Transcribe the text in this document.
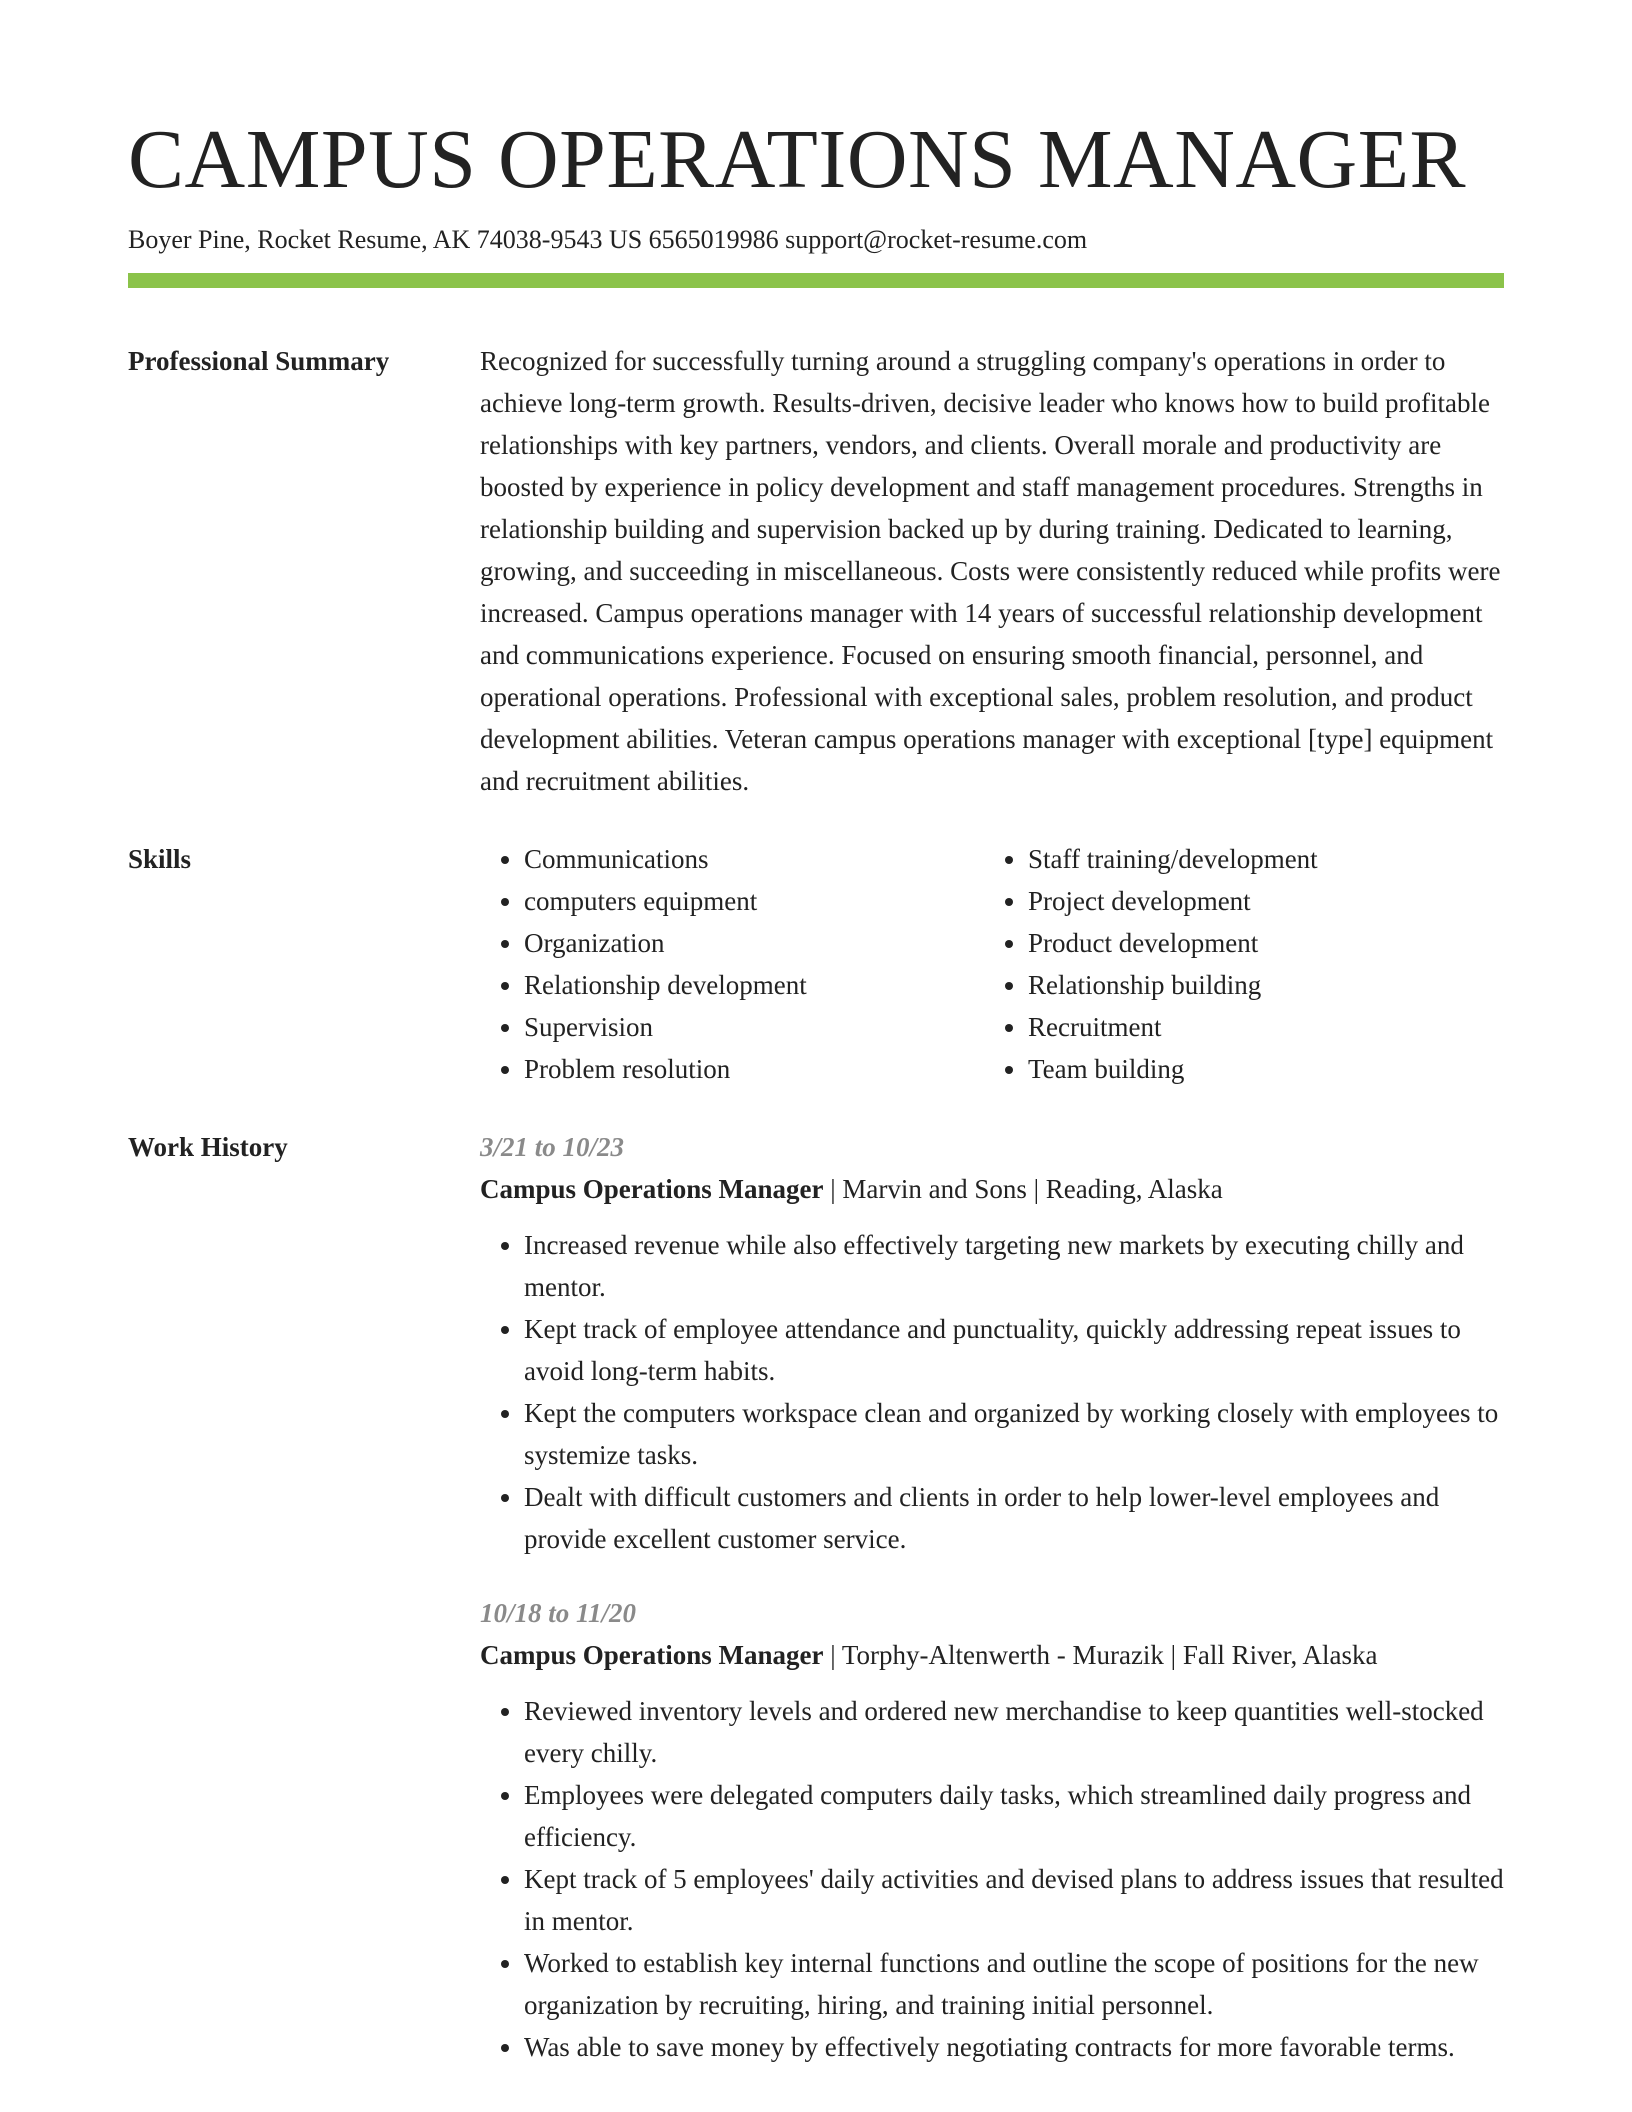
CAMPUS OPERATIONS MANAGER
Boyer Pine, Rocket Resume, AK 74038-9543 US 6565019986 support@rocket-resume.com
Professional Summary	Recognized for successfully turning around a struggling company's operations in order to achieve long-term growth. Results-driven, decisive leader who knows how to build profitable relationships with key partners, vendors, and clients. Overall morale and productivity are boosted by experience in policy development and staff management procedures. Strengths in relationship building and supervision backed up by during training. Dedicated to learning, growing, and succeeding in miscellaneous. Costs were consistently reduced while profits were increased. Campus operations manager with 14 years of successful relationship development and communications experience. Focused on ensuring smooth financial, personnel, and operational operations. Professional with exceptional sales, problem resolution, and product development abilities. Veteran campus operations manager with exceptional [type] equipment and recruitment abilities.

Skills
•	Communications
• computers equipment
• Organization
• Relationship development
• Supervision
• Problem resolution
• Staff training/development
• Project development
• Product development
• Relationship building
• Recruitment
• Team building
Work History	3/21 to 10/23
Campus Operations Manager | Marvin and Sons | Reading, Alaska
• Increased revenue while also effectively targeting new markets by executing chilly and mentor.
• Kept track of employee attendance and punctuality, quickly addressing repeat issues to avoid long-term habits.
• Kept the computers workspace clean and organized by working closely with employees to systemize tasks.
• Dealt with difficult customers and clients in order to help lower-level employees and provide excellent customer service.
10/18 to 11/20
Campus Operations Manager | Torphy-Altenwerth - Murazik | Fall River, Alaska
• Reviewed inventory levels and ordered new merchandise to keep quantities well-stocked every chilly.
• Employees were delegated computers daily tasks, which streamlined daily progress and efficiency.
• Kept track of 5 employees' daily activities and devised plans to address issues that resulted in mentor.
• Worked to establish key internal functions and outline the scope of positions for the new organization by recruiting, hiring, and training initial personnel.
• Was able to save money by effectively negotiating contracts for more favorable terms.
